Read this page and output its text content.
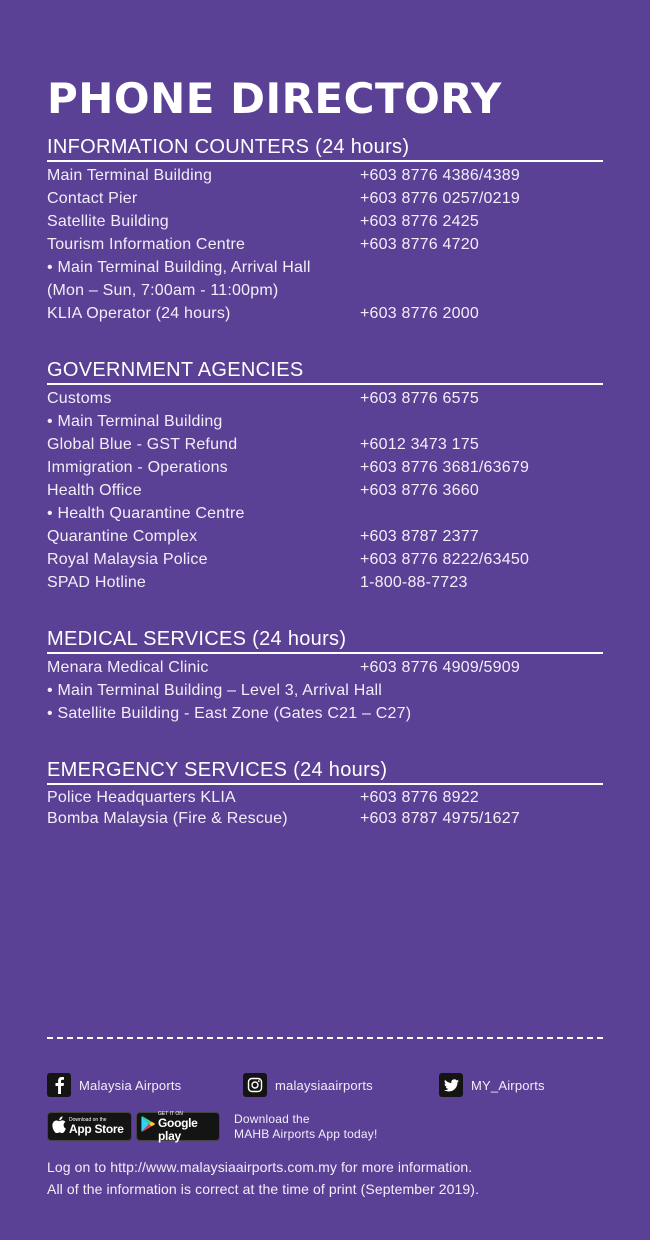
PHONE DIRECTORY
INFORMATION COUNTERS (24 hours)
Main Terminal Building	+603 8776 4386/4389
Contact Pier	+603 8776 0257/0219
Satellite Building	+603 8776 2425
Tourism Information Centre	+603 8776 4720
• Main Terminal Building, Arrival Hall
(Mon – Sun, 7:00am - 11:00pm)
KLIA Operator (24 hours)	+603 8776 2000
GOVERNMENT AGENCIES
Customs	+603 8776 6575
• Main Terminal Building
Global Blue - GST Refund	+6012 3473 175
Immigration - Operations	+603 8776 3681/63679
Health Office	+603 8776 3660
• Health Quarantine Centre
Quarantine Complex	+603 8787 2377
Royal Malaysia Police	+603 8776 8222/63450
SPAD Hotline	1-800-88-7723
MEDICAL SERVICES (24 hours)
Menara Medical Clinic	+603 8776 4909/5909
• Main Terminal Building – Level 3, Arrival Hall
• Satellite Building - East Zone (Gates C21 – C27)
EMERGENCY SERVICES (24 hours)
Police Headquarters KLIA	+603 8776 8922
Bomba Malaysia (Fire & Rescue)	+603 8787 4975/1627
Malaysia Airports	malaysiaairports	MY_Airports
Download on the
App Store
GET IT ON
Google play
Download the
MAHB Airports App today!
Log on to http://www.malaysiaairports.com.my for more information.
All of the information is correct at the time of print (September 2019).
